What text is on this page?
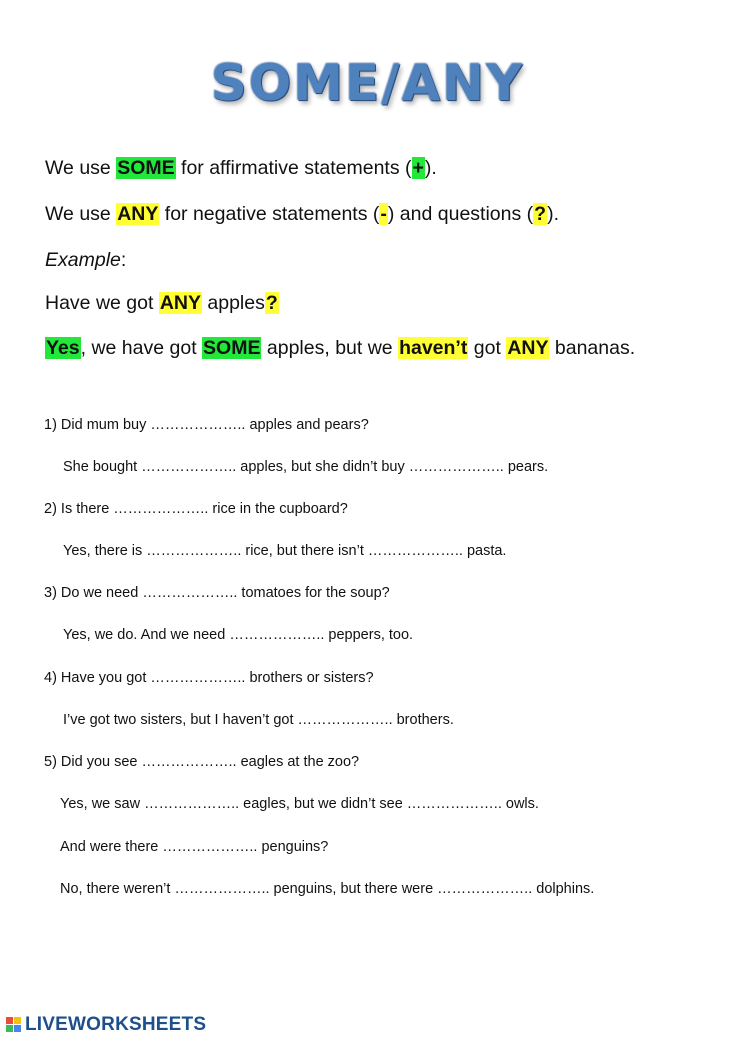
SOME/ANY
We use SOME for affirmative statements (+).
We use ANY for negative statements (-) and questions (?).
Example:
Have we got ANY apples?
Yes, we have got SOME apples, but we haven’t got ANY bananas.
1) Did mum buy ……………….. apples and pears?
She bought ……………….. apples, but she didn’t buy ……………….. pears.
2) Is there ……………….. rice in the cupboard?
Yes, there is ……………….. rice, but there isn’t ……………….. pasta.
3) Do we need ……………….. tomatoes for the soup?
Yes, we do. And we need ……………….. peppers, too.
4) Have you got ……………….. brothers or sisters?
I’ve got two sisters, but I haven’t got ……………….. brothers.
5) Did you see ……………….. eagles at the zoo?
Yes, we saw ……………….. eagles, but we didn’t see ……………….. owls.
And were there ……………….. penguins?
No, there weren’t ……………….. penguins, but there were ……………….. dolphins.
LIVEWORKSHEETS
